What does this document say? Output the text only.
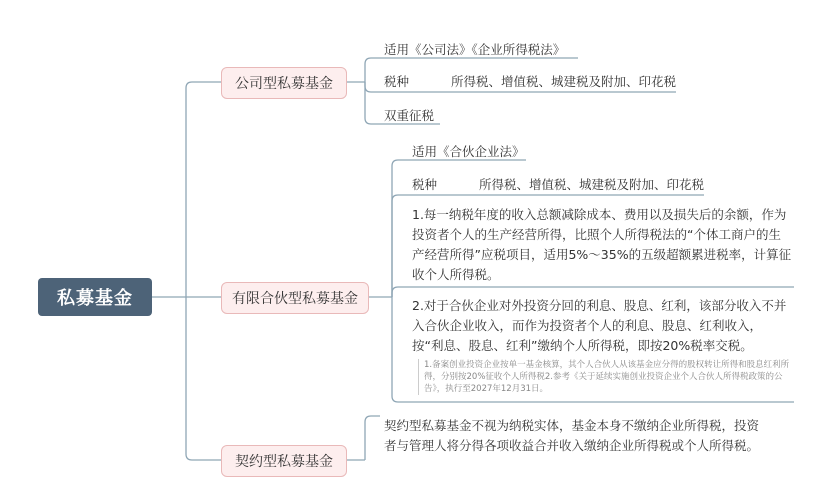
私募基金
公司型私募基金
适用《公司法》《企业所得税法》
税种	所得税、增值税、城建税及附加、印花税
双重征税
有限合伙型私募基金
适用《合伙企业法》
税种	所得税、增值税、城建税及附加、印花税
1.每一纳税年度的收入总额减除成本、费用以及损失后的余额，作为投资者个人的生产经营所得，比照个人所得税法的“个体工商户的生产经营所得”应税项目，适用5%～35%的五级超额累进税率，计算征收个人所得税。
2.对于合伙企业对外投资分回的利息、股息、红利，该部分收入不并入合伙企业收入，而作为投资者个人的利息、股息、红利收入，按“利息、股息、红利”缴纳个人所得税，即按20%税率交税。
1.备案创业投资企业按单一基金核算，其个人合伙人从该基金应分得的股权转让所得和股息红利所得，分别按20%征收个人所得税2.参考《关于延续实施创业投资企业个人合伙人所得税政策的公告》，执行至2027年12月31日。
契约型私募基金
契约型私募基金不视为纳税实体，基金本身不缴纳企业所得税，投资者与管理人将分得各项收益合并收入缴纳企业所得税或个人所得税。
